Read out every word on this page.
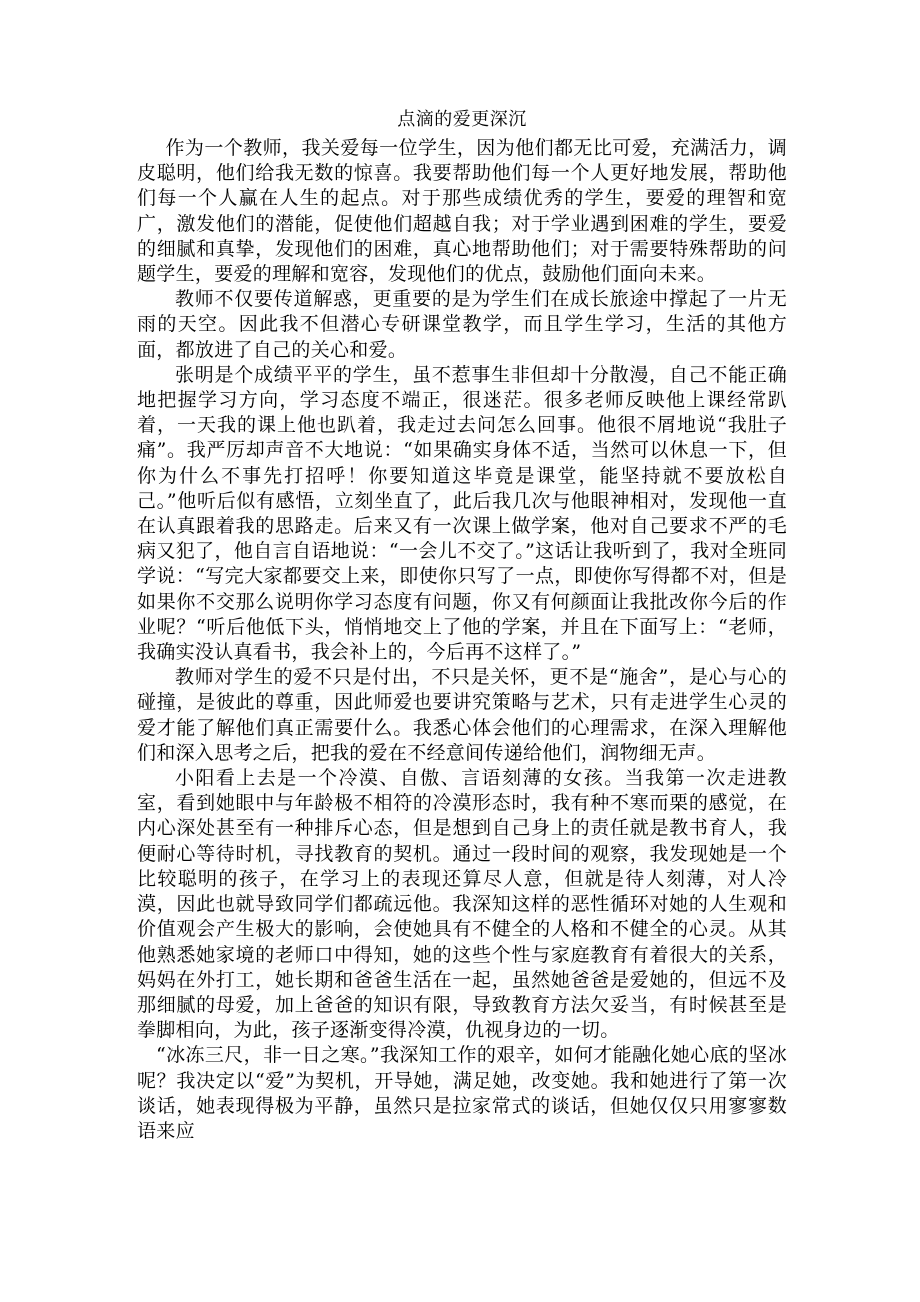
点滴的爱更深沉

作为一个教师，我关爱每一位学生，因为他们都无比可爱，充满活力，调皮聪明，他们给我无数的惊喜。我要帮助他们每一个人更好地发展，帮助他们每一个人赢在人生的起点。对于那些成绩优秀的学生，要爱的理智和宽广，激发他们的潜能，促使他们超越自我；对于学业遇到困难的学生，要爱的细腻和真挚，发现他们的困难，真心地帮助他们；对于需要特殊帮助的问题学生，要爱的理解和宽容，发现他们的优点，鼓励他们面向未来。

教师不仅要传道解惑，更重要的是为学生们在成长旅途中撑起了一片无雨的天空。因此我不但潜心专研课堂教学，而且学生学习，生活的其他方面，都放进了自己的关心和爱。

张明是个成绩平平的学生，虽不惹事生非但却十分散漫，自己不能正确地把握学习方向，学习态度不端正，很迷茫。很多老师反映他上课经常趴着，一天我的课上他也趴着，我走过去问怎么回事。他很不屑地说“我肚子痛”。我严厉却声音不大地说：“如果确实身体不适，当然可以休息一下，但你为什么不事先打招呼！你要知道这毕竟是课堂，能坚持就不要放松自己。”他听后似有感悟，立刻坐直了，此后我几次与他眼神相对，发现他一直在认真跟着我的思路走。后来又有一次课上做学案，他对自己要求不严的毛病又犯了，他自言自语地说：“一会儿不交了。”这话让我听到了，我对全班同学说：“写完大家都要交上来，即使你只写了一点，即使你写得都不对，但是如果你不交那么说明你学习态度有问题，你又有何颜面让我批改你今后的作业呢？“听后他低下头，悄悄地交上了他的学案，并且在下面写上：“老师，我确实没认真看书，我会补上的，今后再不这样了。”

教师对学生的爱不只是付出，不只是关怀，更不是“施舍”，是心与心的碰撞，是彼此的尊重，因此师爱也要讲究策略与艺术，只有走进学生心灵的爱才能了解他们真正需要什么。我悉心体会他们的心理需求，在深入理解他们和深入思考之后，把我的爱在不经意间传递给他们，润物细无声。

小阳看上去是一个冷漠、自傲、言语刻薄的女孩。当我第一次走进教室，看到她眼中与年龄极不相符的冷漠形态时，我有种不寒而栗的感觉，在内心深处甚至有一种排斥心态，但是想到自己身上的责任就是教书育人，我便耐心等待时机，寻找教育的契机。通过一段时间的观察，我发现她是一个比较聪明的孩子，在学习上的表现还算尽人意，但就是待人刻薄，对人冷漠，因此也就导致同学们都疏远他。我深知这样的恶性循环对她的人生观和价值观会产生极大的影响，会使她具有不健全的人格和不健全的心灵。从其他熟悉她家境的老师口中得知，她的这些个性与家庭教育有着很大的关系，妈妈在外打工，她长期和爸爸生活在一起，虽然她爸爸是爱她的，但远不及那细腻的母爱，加上爸爸的知识有限，导致教育方法欠妥当，有时候甚至是拳脚相向，为此，孩子逐渐变得冷漠，仇视身边的一切。

“冰冻三尺，非一日之寒。”我深知工作的艰辛，如何才能融化她心底的坚冰呢？我决定以“爱”为契机，开导她，满足她，改变她。我和她进行了第一次谈话，她表现得极为平静，虽然只是拉家常式的谈话，但她仅仅只用寥寥数语来应
